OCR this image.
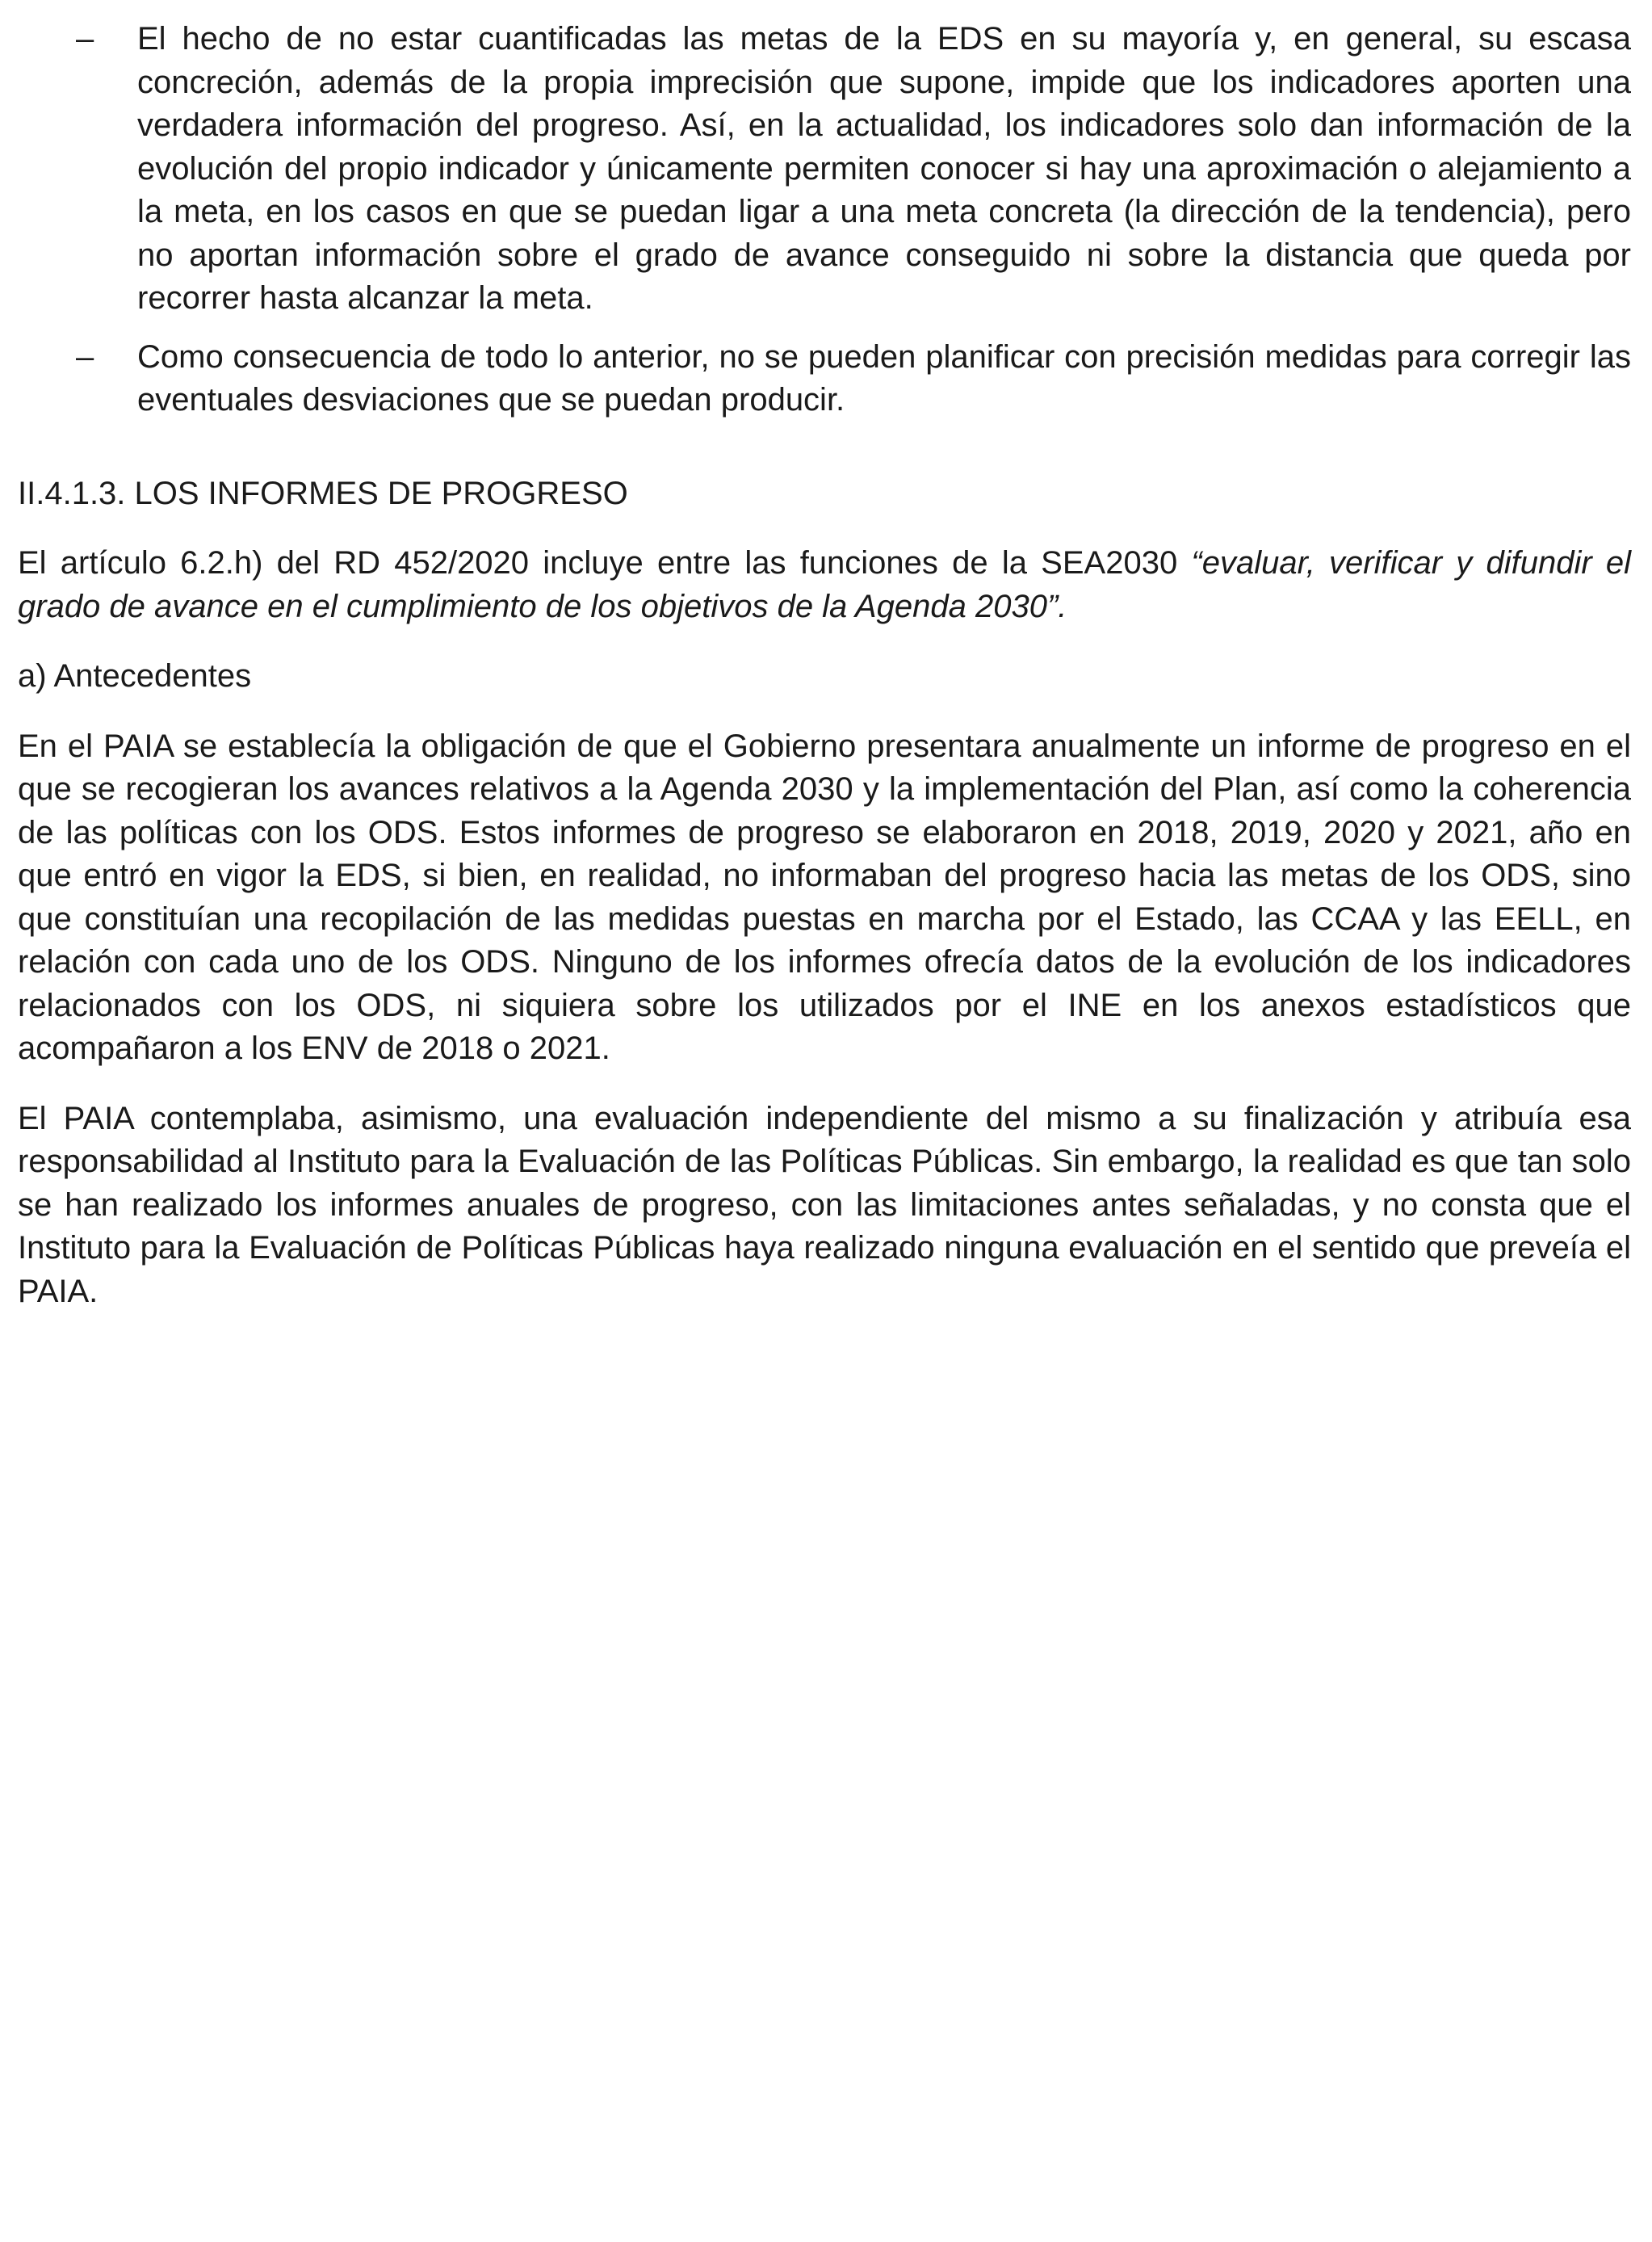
–	El hecho de no estar cuantificadas las metas de la EDS en su mayoría y, en general, su escasa concreción, además de la propia imprecisión que supone, impide que los indicadores aporten una verdadera información del progreso. Así, en la actualidad, los indicadores solo dan información de la evolución del propio indicador y únicamente permiten conocer si hay una aproximación o alejamiento a la meta, en los casos en que se puedan ligar a una meta concreta (la dirección de la tendencia), pero no aportan información sobre el grado de avance conseguido ni sobre la distancia que queda por recorrer hasta alcanzar la meta.
–	Como consecuencia de todo lo anterior, no se pueden planificar con precisión medidas para corregir las eventuales desviaciones que se puedan producir.
II.4.1.3. LOS INFORMES DE PROGRESO
El artículo 6.2.h) del RD 452/2020 incluye entre las funciones de la SEA2030 “evaluar, verificar y difundir el grado de avance en el cumplimiento de los objetivos de la Agenda 2030”.
a) Antecedentes
En el PAIA se establecía la obligación de que el Gobierno presentara anualmente un informe de progreso en el que se recogieran los avances relativos a la Agenda 2030 y la implementación del Plan, así como la coherencia de las políticas con los ODS. Estos informes de progreso se elaboraron en 2018, 2019, 2020 y 2021, año en que entró en vigor la EDS, si bien, en realidad, no informaban del progreso hacia las metas de los ODS, sino que constituían una recopilación de las medidas puestas en marcha por el Estado, las CCAA y las EELL, en relación con cada uno de los ODS. Ninguno de los informes ofrecía datos de la evolución de los indicadores relacionados con los ODS, ni siquiera sobre los utilizados por el INE en los anexos estadísticos que acompañaron a los ENV de 2018 o 2021.
El PAIA contemplaba, asimismo, una evaluación independiente del mismo a su finalización y atribuía esa responsabilidad al Instituto para la Evaluación de las Políticas Públicas. Sin embargo, la realidad es que tan solo se han realizado los informes anuales de progreso, con las limitaciones antes señaladas, y no consta que el Instituto para la Evaluación de Políticas Públicas haya realizado ninguna evaluación en el sentido que preveía el PAIA.
